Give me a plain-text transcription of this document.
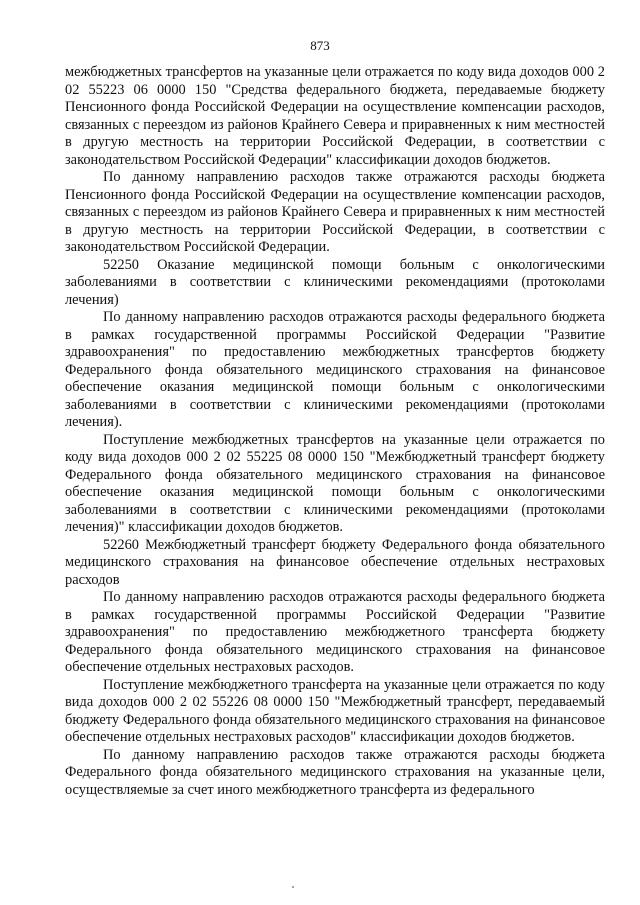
873

межбюджетных трансфертов на указанные цели отражается по коду вида доходов 000 2 02 55223 06 0000 150 "Средства федерального бюджета, передаваемые бюджету Пенсионного фонда Российской Федерации на осуществление компенсации расходов, связанных с переездом из районов Крайнего Севера и приравненных к ним местностей в другую местность на территории Российской Федерации, в соответствии с законодательством Российской Федерации" классификации доходов бюджетов.

По данному направлению расходов также отражаются расходы бюджета Пенсионного фонда Российской Федерации на осуществление компенсации расходов, связанных с переездом из районов Крайнего Севера и приравненных к ним местностей в другую местность на территории Российской Федерации, в соответствии с законодательством Российской Федерации.

52250 Оказание медицинской помощи больным с онкологическими заболеваниями в соответствии с клиническими рекомендациями (протоколами лечения)

По данному направлению расходов отражаются расходы федерального бюджета в рамках государственной программы Российской Федерации "Развитие здравоохранения" по предоставлению межбюджетных трансфертов бюджету Федерального фонда обязательного медицинского страхования на финансовое обеспечение оказания медицинской помощи больным с онкологическими заболеваниями в соответствии с клиническими рекомендациями (протоколами лечения).

Поступление межбюджетных трансфертов на указанные цели отражается по коду вида доходов 000 2 02 55225 08 0000 150 "Межбюджетный трансферт бюджету Федерального фонда обязательного медицинского страхования на финансовое обеспечение оказания медицинской помощи больным с онкологическими заболеваниями в соответствии с клиническими рекомендациями (протоколами лечения)" классификации доходов бюджетов.

52260 Межбюджетный трансферт бюджету Федерального фонда обязательного медицинского страхования на финансовое обеспечение отдельных нестраховых расходов

По данному направлению расходов отражаются расходы федерального бюджета в рамках государственной программы Российской Федерации "Развитие здравоохранения" по предоставлению межбюджетного трансферта бюджету Федерального фонда обязательного медицинского страхования на финансовое обеспечение отдельных нестраховых расходов.

Поступление межбюджетного трансферта на указанные цели отражается по коду вида доходов 000 2 02 55226 08 0000 150 "Межбюджетный трансферт, передаваемый бюджету Федерального фонда обязательного медицинского страхования на финансовое обеспечение отдельных нестраховых расходов" классификации доходов бюджетов.

По данному направлению расходов также отражаются расходы бюджета Федерального фонда обязательного медицинского страхования на указанные цели, осуществляемые за счет иного межбюджетного трансферта из федерального
